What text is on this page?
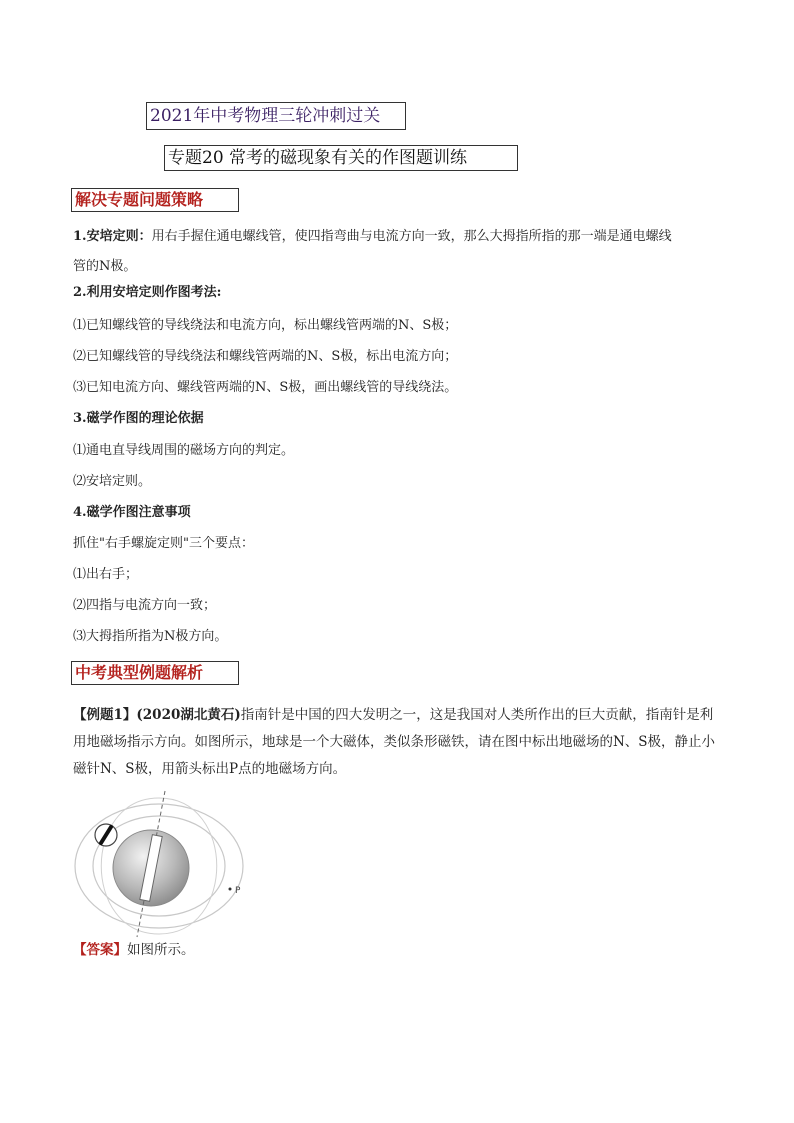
2021年中考物理三轮冲刺过关
专题20 常考的磁现象有关的作图题训练
解决专题问题策略
1.安培定则：用右手握住通电螺线管，使四指弯曲与电流方向一致，那么大拇指所指的那一端是通电螺线
管的N极。
2.利用安培定则作图考法:
⑴已知螺线管的导线绕法和电流方向，标出螺线管两端的N、S极；
⑵已知螺线管的导线绕法和螺线管两端的N、S极，标出电流方向；
⑶已知电流方向、螺线管两端的N、S极，画出螺线管的导线绕法。
3.磁学作图的理论依据
⑴通电直导线周围的磁场方向的判定。
⑵安培定则。
4.磁学作图注意事项
抓住"右手螺旋定则"三个要点：
⑴出右手；
⑵四指与电流方向一致；
⑶大拇指所指为N极方向。
中考典型例题解析
【例题1】(2020湖北黄石)指南针是中国的四大发明之一，这是我国对人类所作出的巨大贡献，指南针是利用地磁场指示方向。如图所示，地球是一个大磁体，类似条形磁铁，请在图中标出地磁场的N、S极，静止小磁针N、S极，用箭头标出P点的地磁场方向。
P
【答案】如图所示。
